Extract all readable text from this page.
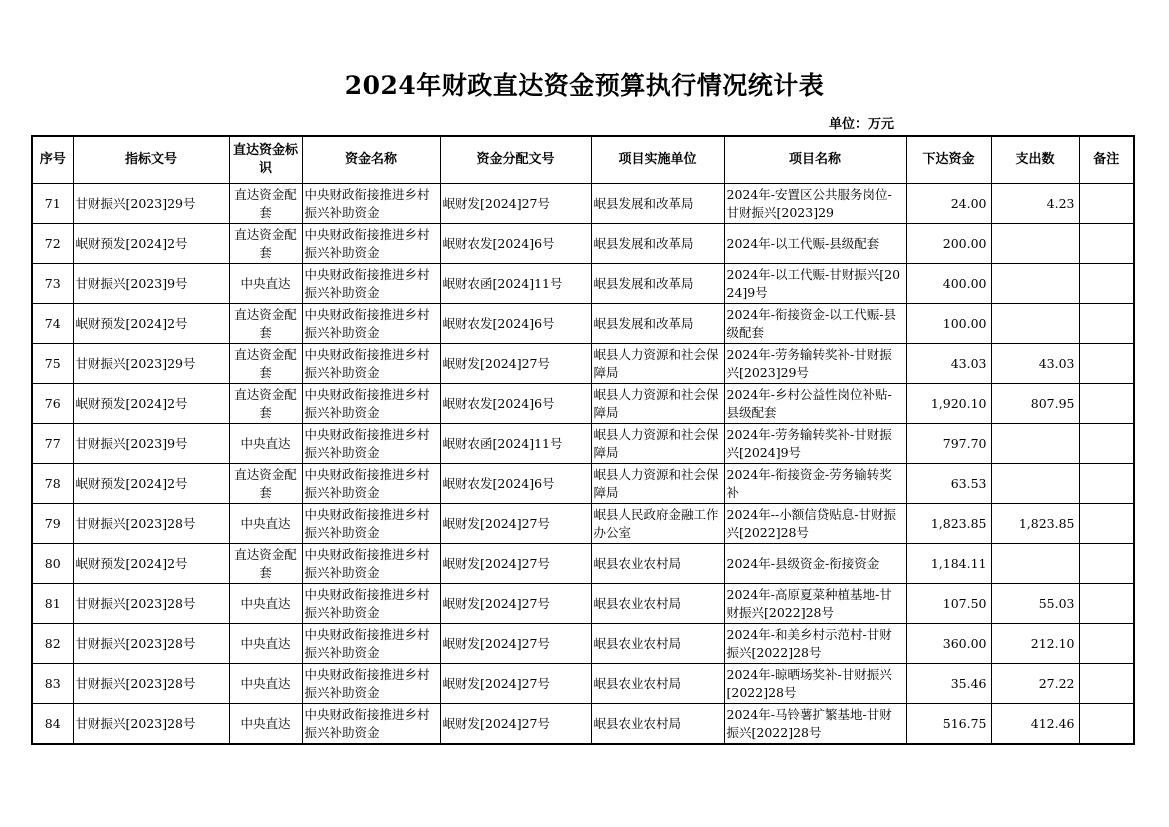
2024年财政直达资金预算执行情况统计表
单位：万元
序号	指标文号	直达资金标识	资金名称	资金分配文号	项目实施单位	项目名称	下达资金	支出数	备注
71	甘财振兴[2023]29号	直达资金配套	中央财政衔接推进乡村振兴补助资金	岷财发[2024]27号	岷县发展和改革局	2024年-安置区公共服务岗位-甘财振兴[2023]29	24.00	4.23	
72	岷财预发[2024]2号	直达资金配套	中央财政衔接推进乡村振兴补助资金	岷财农发[2024]6号	岷县发展和改革局	2024年-以工代赈-县级配套	200.00		
73	甘财振兴[2023]9号	中央直达	中央财政衔接推进乡村振兴补助资金	岷财农函[2024]11号	岷县发展和改革局	2024年-以工代赈-甘财振兴[2024]9号	400.00		
74	岷财预发[2024]2号	直达资金配套	中央财政衔接推进乡村振兴补助资金	岷财农发[2024]6号	岷县发展和改革局	2024年-衔接资金-以工代赈-县级配套	100.00		
75	甘财振兴[2023]29号	直达资金配套	中央财政衔接推进乡村振兴补助资金	岷财发[2024]27号	岷县人力资源和社会保障局	2024年-劳务输转奖补-甘财振兴[2023]29号	43.03	43.03	
76	岷财预发[2024]2号	直达资金配套	中央财政衔接推进乡村振兴补助资金	岷财农发[2024]6号	岷县人力资源和社会保障局	2024年-乡村公益性岗位补贴-县级配套	1,920.10	807.95	
77	甘财振兴[2023]9号	中央直达	中央财政衔接推进乡村振兴补助资金	岷财农函[2024]11号	岷县人力资源和社会保障局	2024年-劳务输转奖补-甘财振兴[2024]9号	797.70		
78	岷财预发[2024]2号	直达资金配套	中央财政衔接推进乡村振兴补助资金	岷财农发[2024]6号	岷县人力资源和社会保障局	2024年-衔接资金-劳务输转奖补	63.53		
79	甘财振兴[2023]28号	中央直达	中央财政衔接推进乡村振兴补助资金	岷财发[2024]27号	岷县人民政府金融工作办公室	2024年--小额信贷贴息-甘财振兴[2022]28号	1,823.85	1,823.85	
80	岷财预发[2024]2号	直达资金配套	中央财政衔接推进乡村振兴补助资金	岷财发[2024]27号	岷县农业农村局	2024年-县级资金-衔接资金	1,184.11		
81	甘财振兴[2023]28号	中央直达	中央财政衔接推进乡村振兴补助资金	岷财发[2024]27号	岷县农业农村局	2024年-高原夏菜种植基地-甘财振兴[2022]28号	107.50	55.03	
82	甘财振兴[2023]28号	中央直达	中央财政衔接推进乡村振兴补助资金	岷财发[2024]27号	岷县农业农村局	2024年-和美乡村示范村-甘财振兴[2022]28号	360.00	212.10	
83	甘财振兴[2023]28号	中央直达	中央财政衔接推进乡村振兴补助资金	岷财发[2024]27号	岷县农业农村局	2024年-晾晒场奖补-甘财振兴[2022]28号	35.46	27.22	
84	甘财振兴[2023]28号	中央直达	中央财政衔接推进乡村振兴补助资金	岷财发[2024]27号	岷县农业农村局	2024年-马铃薯扩繁基地-甘财振兴[2022]28号	516.75	412.46	
